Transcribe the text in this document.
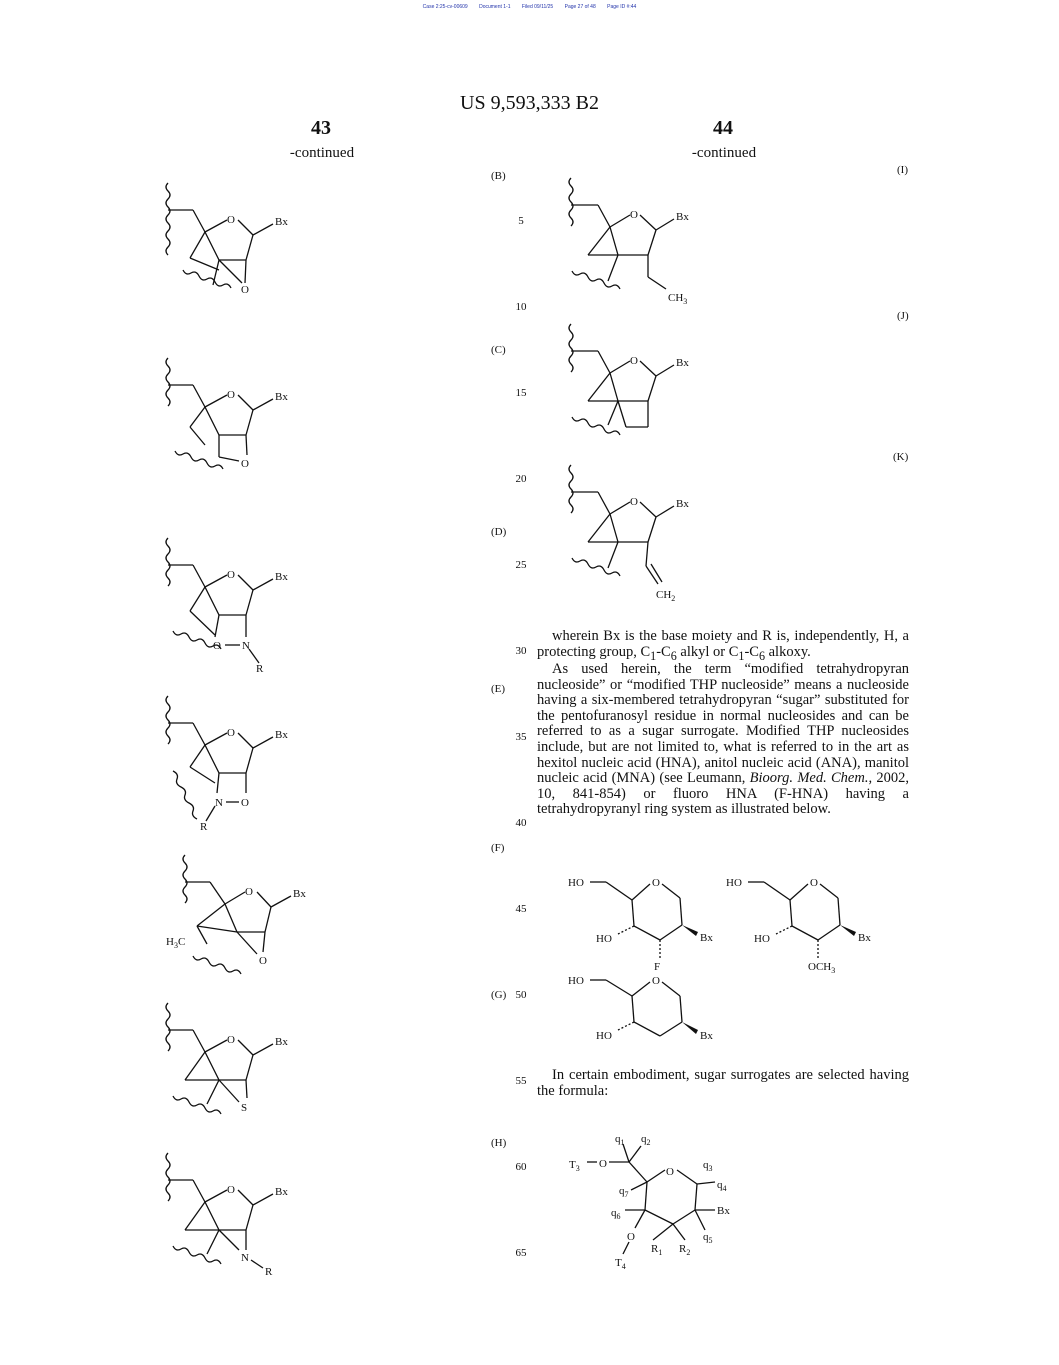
Case 2:25-cv-00609 Document 1-1 Filed 09/11/25 Page 27 of 48 Page ID #:44
US 9,593,333 B2
43	44
-continued	-continued
(B)
(C)
(D)
(E)
(F)
(G)
(H)
(I)
(J)
(K)
5
10
15
20
25
30
35
40
45
50
55
60
65
O	Bx
O
O	Bx
O
O	Bx
O N
R
O	Bx
N O
R
O	Bx
O
$H_3C$
O	Bx
S
O	Bx
N
R
O	Bx
$CH_3$
O	Bx
O	Bx
$CH_2$

wherein Bx is the base moiety and R is, independently, H, a protecting group, $C_1-C_6$ alkyl or $C_1-C_6$ alkoxy.

As used herein, the term “modified tetrahydropyran nucleoside” or “modified THP nucleoside” means a nucleoside having a six-membered tetrahydropyran “sugar” substituted for the pentofuranosyl residue in normal nucleosides and can be referred to as a sugar surrogate. Modified THP nucleosides include, but are not limited to, what is referred to in the art as hexitol nucleic acid (HNA), anitol nucleic acid (ANA), manitol nucleic acid (MNA) (see Leumann, Bioorg. Med. Chem., 2002, 10, 841-854) or fluoro HNA (F-HNA) having a tetrahydropyranyl ring system as illustrated below.

HO	O
Bx
HO
F
HO	O
Bx
HO
$OCH_3$
HO	O
Bx
HO

In certain embodiment, sugar surrogates are selected having the formula:

$T_3$ O
O
$q_1$ $q_2$
$q_3$
$q_4$
Bx
$q_5$
$q_6$
$q_7$
O
$T_4$
$R_1$ $R_2$
